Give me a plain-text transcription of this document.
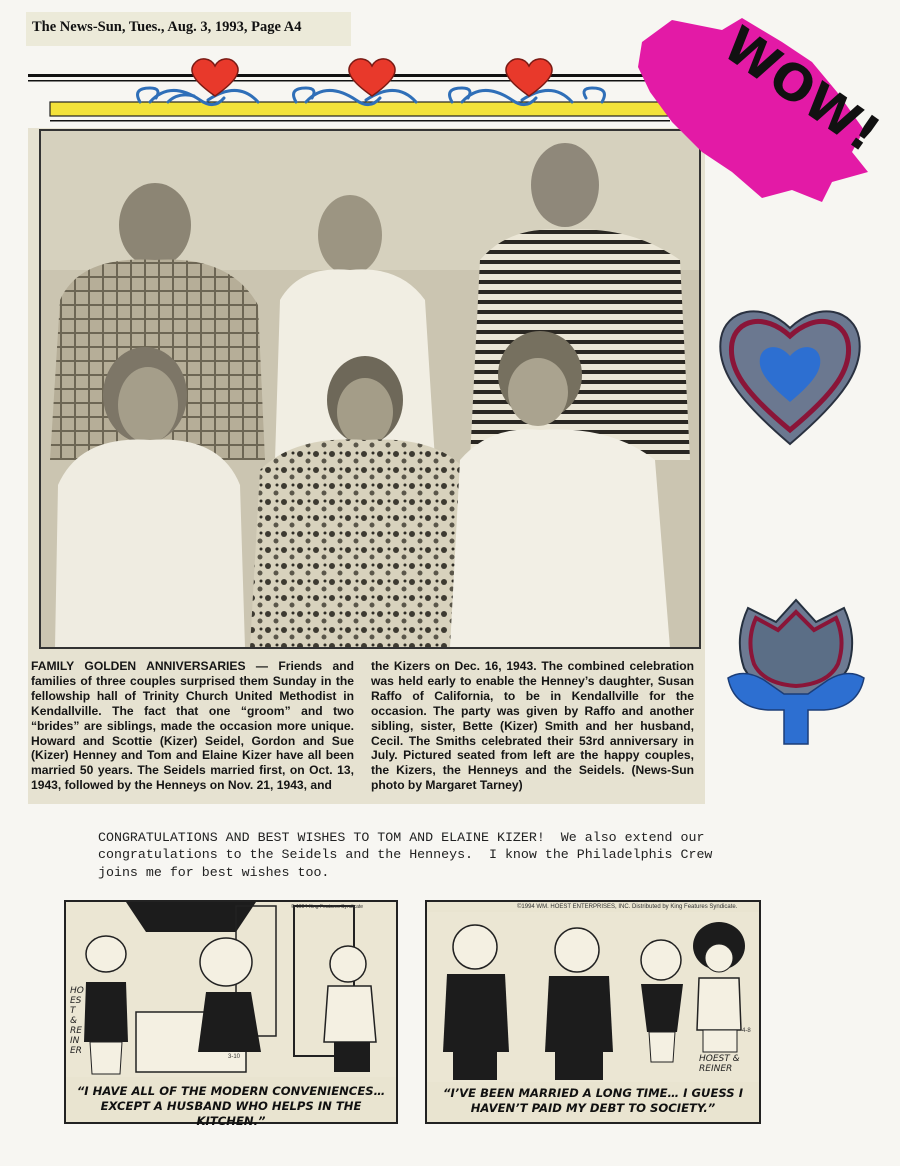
The News-Sun, Tues., Aug. 3, 1993, Page A4
FAMILY GOLDEN ANNIVERSARIES — Friends and families of three couples surprised them Sunday in the fellowship hall of Trinity Church United Methodist in Kendallville. The fact that one “groom” and two “brides” are siblings, made the occasion more unique. Howard and Scottie (Kizer) Seidel, Gordon and Sue (Kizer) Henney and Tom and Elaine Kizer have all been married 50 years. The Seidels married first, on Oct. 13, 1943, followed by the Henneys on Nov. 21, 1943, and
the Kizers on Dec. 16, 1943. The combined celebration was held early to enable the Henney’s daughter, Susan Raffo of California, to be in Kendallville for the occasion. The party was given by Raffo and another sibling, sister, Bette (Kizer) Smith and her husband, Cecil. The Smiths celebrated their 53rd anniversary in July. Pictured seated from left are the happy couples, the Kizers, the Henneys and the Seidels. (News-Sun photo by Margaret Tarney)
WOW!
CONGRATULATIONS AND BEST WISHES TO TOM AND ELAINE KIZER!  We also extend our
congratulations to the Seidels and the Henneys.  I know the Philadelphis Crew
joins me for best wishes too.
HOEST & REINER
3-10
© 1994 King Features Syndicate
“I HAVE ALL OF THE MODERN CONVENIENCES… EXCEPT A HUSBAND WHO HELPS IN THE KITCHEN.”
©1994 WM. HOEST ENTERPRISES, INC. Distributed by King Features Syndicate.
4-8
HOEST & REINER
“I’VE BEEN MARRIED A LONG TIME… I GUESS I HAVEN’T PAID MY DEBT TO SOCIETY.”
